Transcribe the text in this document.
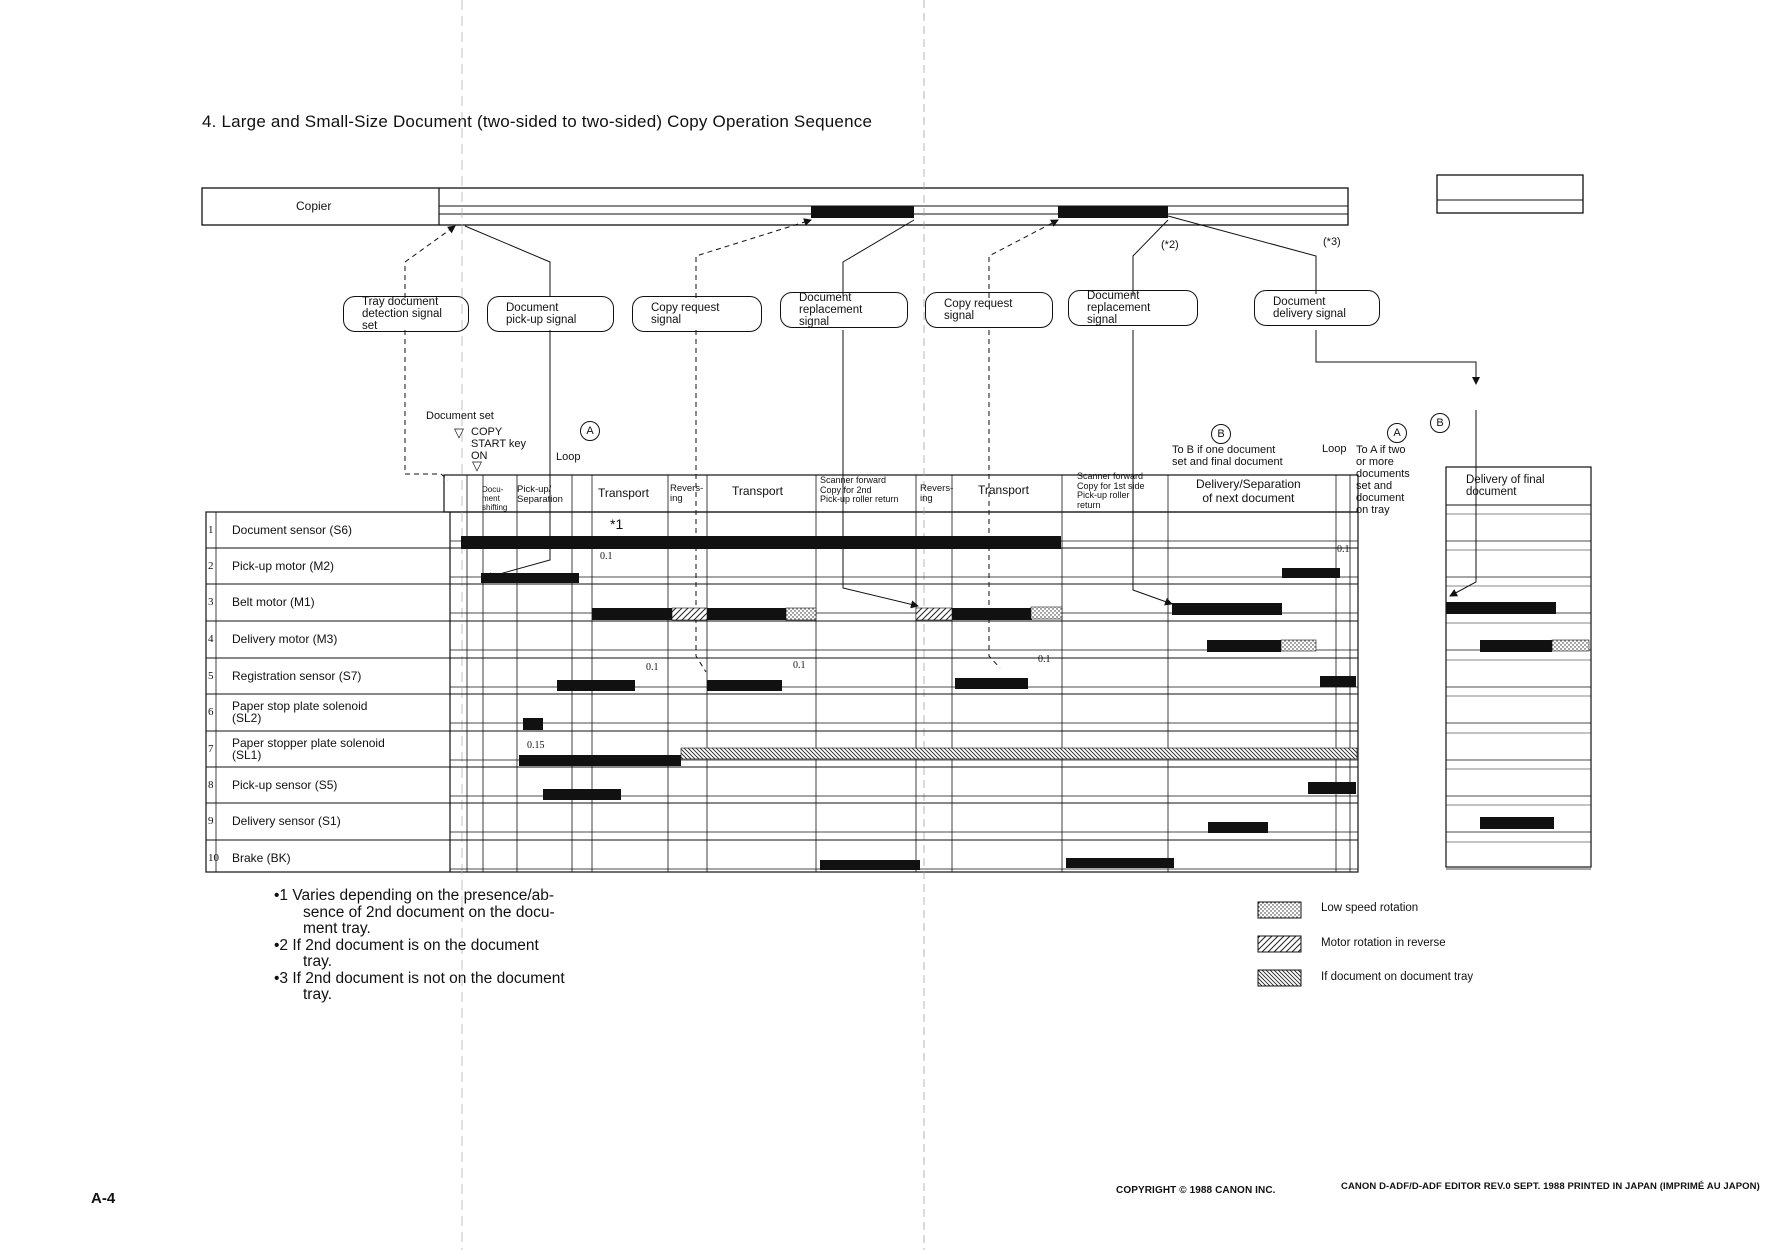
4. Large and Small-Size Document (two-sided to two-sided) Copy Operation Sequence
Copier
Tray document
detection signal
set
Document
pick-up signal
Copy request
signal
Document
replacement
signal
Copy request
signal
Document
replacement
signal
Document
delivery signal
(*2)	(*3)
Document set
COPY
START key
ON
▽
▽
Loop
Loop
A	B	A
B
To B if one document
set and final document
To A if two
or more
documents
set and
document
on tray
Docu-
ment
shifting
Pick-up/
Separation	Transport Revers-
ing
Transport
Scanner forward
Copy for 2nd
Pick-up roller return
Revers-
ing
Transport
Scanner forward
Copy for 1st side
Pick-up roller
return
Delivery/Separation
of next document
Delivery of final
document
1 Document sensor (S6)
2 Pick-up motor (M2)
3 Belt motor (M1)
4 Delivery motor (M3)
5 Registration sensor (S7)
6 Paper stop plate solenoid
(SL2)
7 Paper stopper plate solenoid
(SL1)
8 Pick-up sensor (S5)
9 Delivery sensor (S1)
10 Brake (BK)
*1
0.1
0.1	0.1
0.1
0.1
0.15
•1 Varies depending on the presence/ab-
sence of 2nd document on the docu-
ment tray.
•2 If 2nd document is on the document
tray.
•3 If 2nd document is not on the document
tray.
Low speed rotation
Motor rotation in reverse
If document on document tray
A-4	COPYRIGHT © 1988 CANON INC.	CANON D-ADF/D-ADF EDITOR REV.0 SEPT. 1988 PRINTED IN JAPAN (IMPRIMÉ AU JAPON)
